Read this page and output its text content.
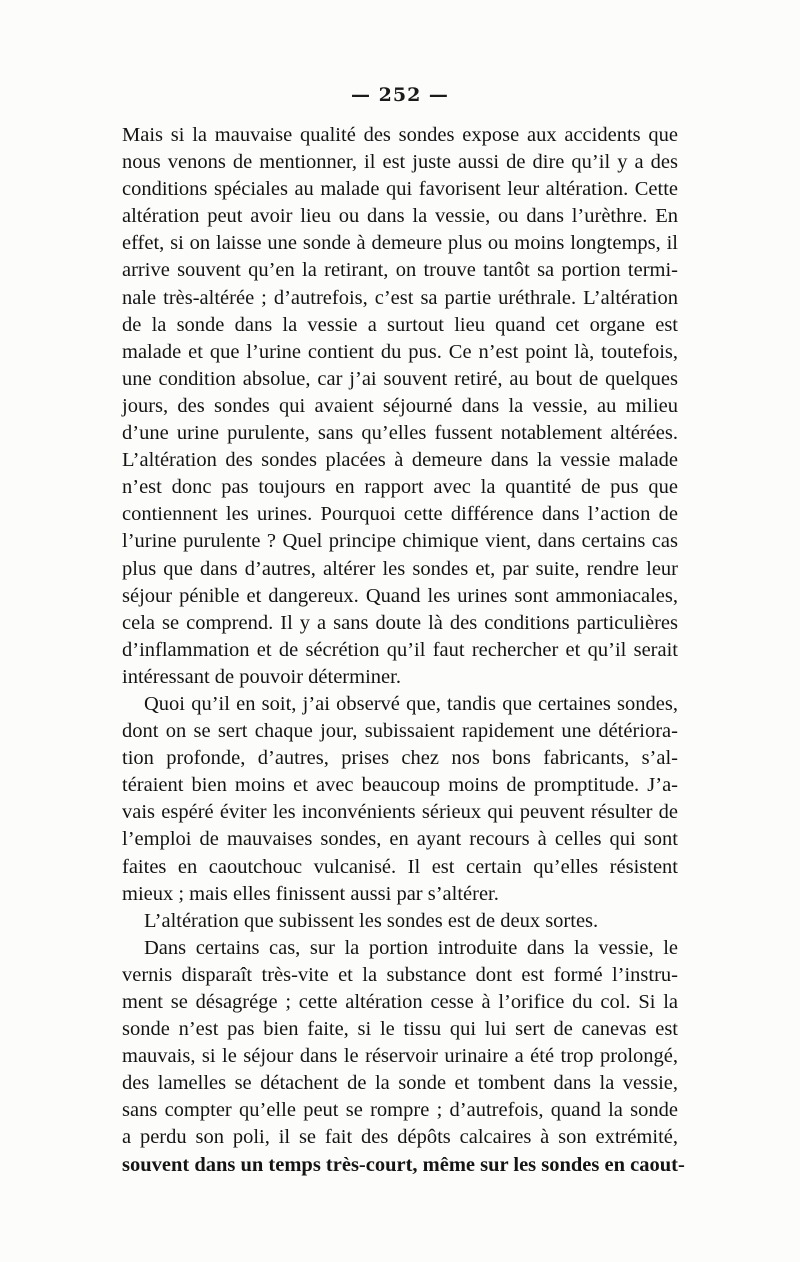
— 252 —
Mais si la mauvaise qualité des sondes expose aux accidents que
nous venons de mentionner, il est juste aussi de dire qu’il y a des
conditions spéciales au malade qui favorisent leur altération. Cette
altération peut avoir lieu ou dans la vessie, ou dans l’urèthre. En
effet, si on laisse une sonde à demeure plus ou moins longtemps, il
arrive souvent qu’en la retirant, on trouve tantôt sa portion termi-
nale très-altérée ; d’autrefois, c’est sa partie uréthrale. L’altération
de la sonde dans la vessie a surtout lieu quand cet organe est
malade et que l’urine contient du pus. Ce n’est point là, toutefois,
une condition absolue, car j’ai souvent retiré, au bout de quelques
jours, des sondes qui avaient séjourné dans la vessie, au milieu
d’une urine purulente, sans qu’elles fussent notablement altérées.
L’altération des sondes placées à demeure dans la vessie malade
n’est donc pas toujours en rapport avec la quantité de pus que
contiennent les urines. Pourquoi cette différence dans l’action de
l’urine purulente ? Quel principe chimique vient, dans certains cas
plus que dans d’autres, altérer les sondes et, par suite, rendre leur
séjour pénible et dangereux. Quand les urines sont ammoniacales,
cela se comprend. Il y a sans doute là des conditions particulières
d’inflammation et de sécrétion qu’il faut rechercher et qu’il serait
intéressant de pouvoir déterminer.
Quoi qu’il en soit, j’ai observé que, tandis que certaines sondes,
dont on se sert chaque jour, subissaient rapidement une détériora-
tion profonde, d’autres, prises chez nos bons fabricants, s’al-
téraient bien moins et avec beaucoup moins de promptitude. J’a-
vais espéré éviter les inconvénients sérieux qui peuvent résulter de
l’emploi de mauvaises sondes, en ayant recours à celles qui sont
faites en caoutchouc vulcanisé. Il est certain qu’elles résistent
mieux ; mais elles finissent aussi par s’altérer.
L’altération que subissent les sondes est de deux sortes.
Dans certains cas, sur la portion introduite dans la vessie, le
vernis disparaît très-vite et la substance dont est formé l’instru-
ment se désagrége ; cette altération cesse à l’orifice du col. Si la
sonde n’est pas bien faite, si le tissu qui lui sert de canevas est
mauvais, si le séjour dans le réservoir urinaire a été trop prolongé,
des lamelles se détachent de la sonde et tombent dans la vessie,
sans compter qu’elle peut se rompre ; d’autrefois, quand la sonde
a perdu son poli, il se fait des dépôts calcaires à son extrémité,
souvent dans un temps très-court, même sur les sondes en caout-
